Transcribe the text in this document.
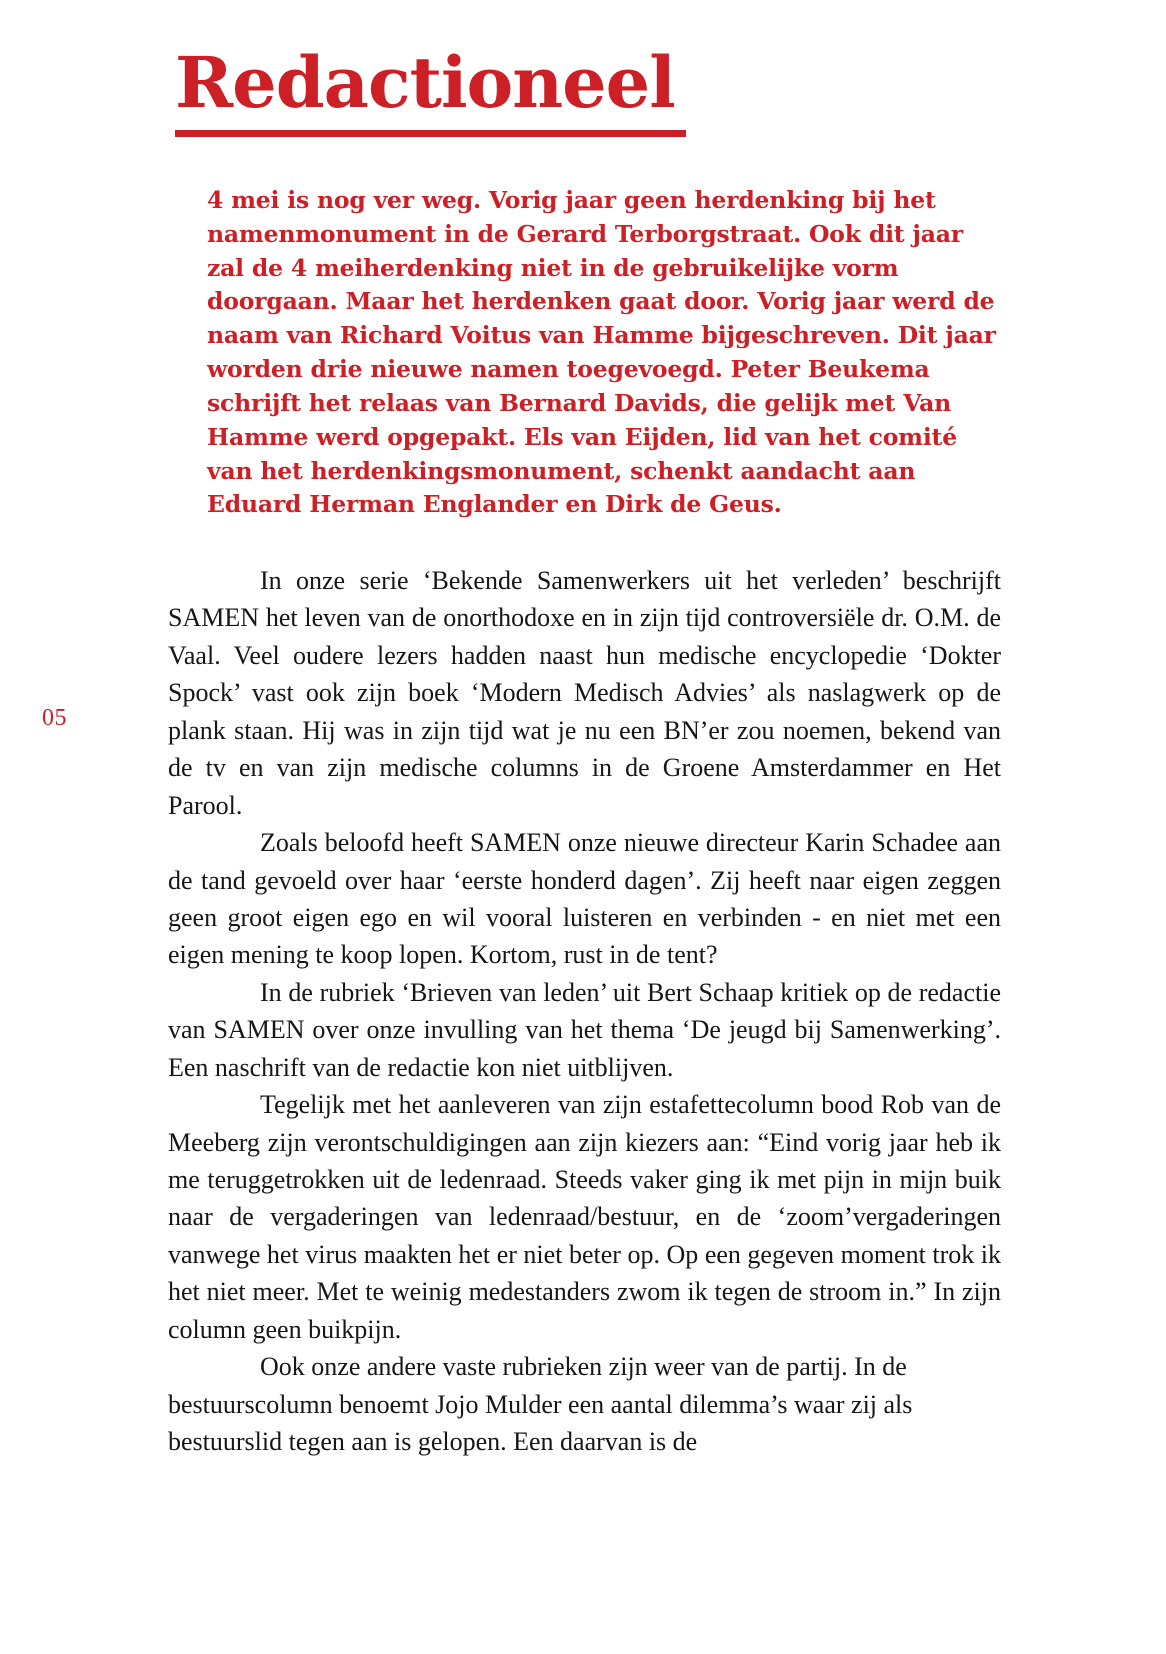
05
Redactioneel
4 mei is nog ver weg. Vorig jaar geen herdenking bij het namenmonument in de Gerard Terborgstraat. Ook dit jaar zal de 4 meiherdenking niet in de gebruikelijke vorm doorgaan. Maar het herdenken gaat door. Vorig jaar werd de naam van Richard Voitus van Hamme bijgeschreven. Dit jaar worden drie nieuwe namen toegevoegd. Peter Beukema schrijft het relaas van Bernard Davids, die gelijk met Van Hamme werd opgepakt. Els van Eijden, lid van het comité van het herdenkingsmonument, schenkt aandacht aan Eduard Herman Englander en Dirk de Geus.

In onze serie ‘Bekende Samenwerkers uit het verleden’ beschrijft SAMEN het leven van de onorthodoxe en in zijn tijd controversiële dr. O.M. de Vaal. Veel oudere lezers hadden naast hun medische encyclopedie ‘Dokter Spock’ vast ook zijn boek ‘Modern Medisch Advies’ als naslagwerk op de plank staan. Hij was in zijn tijd wat je nu een BN’er zou noemen, bekend van de tv en van zijn medische columns in de Groene Amsterdammer en Het Parool.

Zoals beloofd heeft SAMEN onze nieuwe directeur Karin Schadee aan de tand gevoeld over haar ‘eerste honderd dagen’. Zij heeft naar eigen zeggen geen groot eigen ego en wil vooral luisteren en verbinden - en niet met een eigen mening te koop lopen. Kortom, rust in de tent?

In de rubriek ‘Brieven van leden’ uit Bert Schaap kritiek op de redactie van SAMEN over onze invulling van het thema ‘De jeugd bij Samenwerking’. Een naschrift van de redactie kon niet uitblijven.

Tegelijk met het aanleveren van zijn estafettecolumn bood Rob van de Meeberg zijn verontschuldigingen aan zijn kiezers aan: “Eind vorig jaar heb ik me teruggetrokken uit de ledenraad. Steeds vaker ging ik met pijn in mijn buik naar de vergaderingen van ledenraad/bestuur, en de ‘zoom’vergaderingen vanwege het virus maakten het er niet beter op. Op een gegeven moment trok ik het niet meer. Met te weinig medestanders zwom ik tegen de stroom in.” In zijn column geen buikpijn.

Ook onze andere vaste rubrieken zijn weer van de partij. In de bestuurscolumn benoemt Jojo Mulder een aantal dilemma’s waar zij als bestuurslid tegen aan is gelopen. Een daarvan is de
